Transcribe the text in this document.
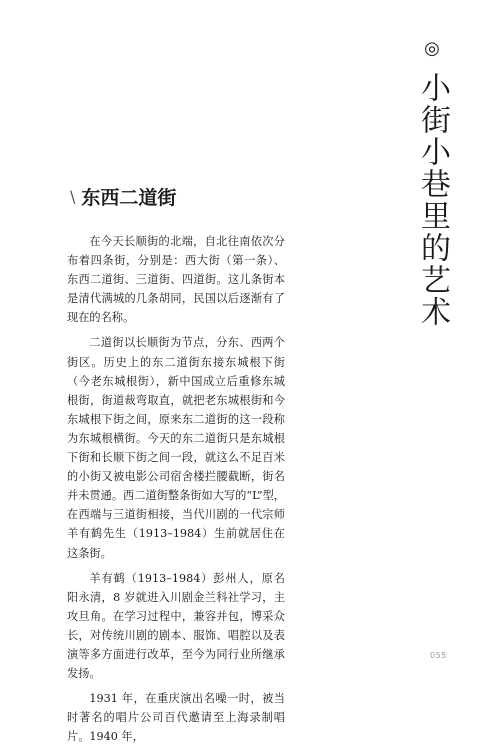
◎
小街小巷里的艺术
\ 东西二道街

在今天长顺街的北端，自北往南依次分布着四条街，分别是：西大街（第一条）、东西二道街、三道街、四道街。这儿条街本是清代满城的几条胡同，民国以后逐渐有了现在的名称。

二道街以长顺街为节点，分东、西两个街区。历史上的东二道街东接东城根下街（今老东城根街），新中国成立后重修东城根街，街道裁弯取直，就把老东城根街和今东城根下街之间，原来东二道街的这一段称为东城根横街。今天的东二道街只是东城根下街和长顺下街之间一段，就这么不足百米的小街又被电影公司宿舍楼拦腰截断，街名并未贯通。西二道街整条街如大写的“L”型，在西端与三道街相接，当代川剧的一代宗师羊有鹤先生（1913–1984）生前就居住在这条街。

羊有鹤（1913–1984）彭州人，原名阳永清，8 岁就进入川剧金兰科社学习，主攻旦角。在学习过程中，兼容并包，博采众长，对传统川剧的剧本、服饰、唱腔以及表演等多方面进行改革，至今为同行业所继承发扬。

1931 年，在重庆演出名噪一时，被当时著名的唱片公司百代邀请至上海录制唱片。1940 年，

055
